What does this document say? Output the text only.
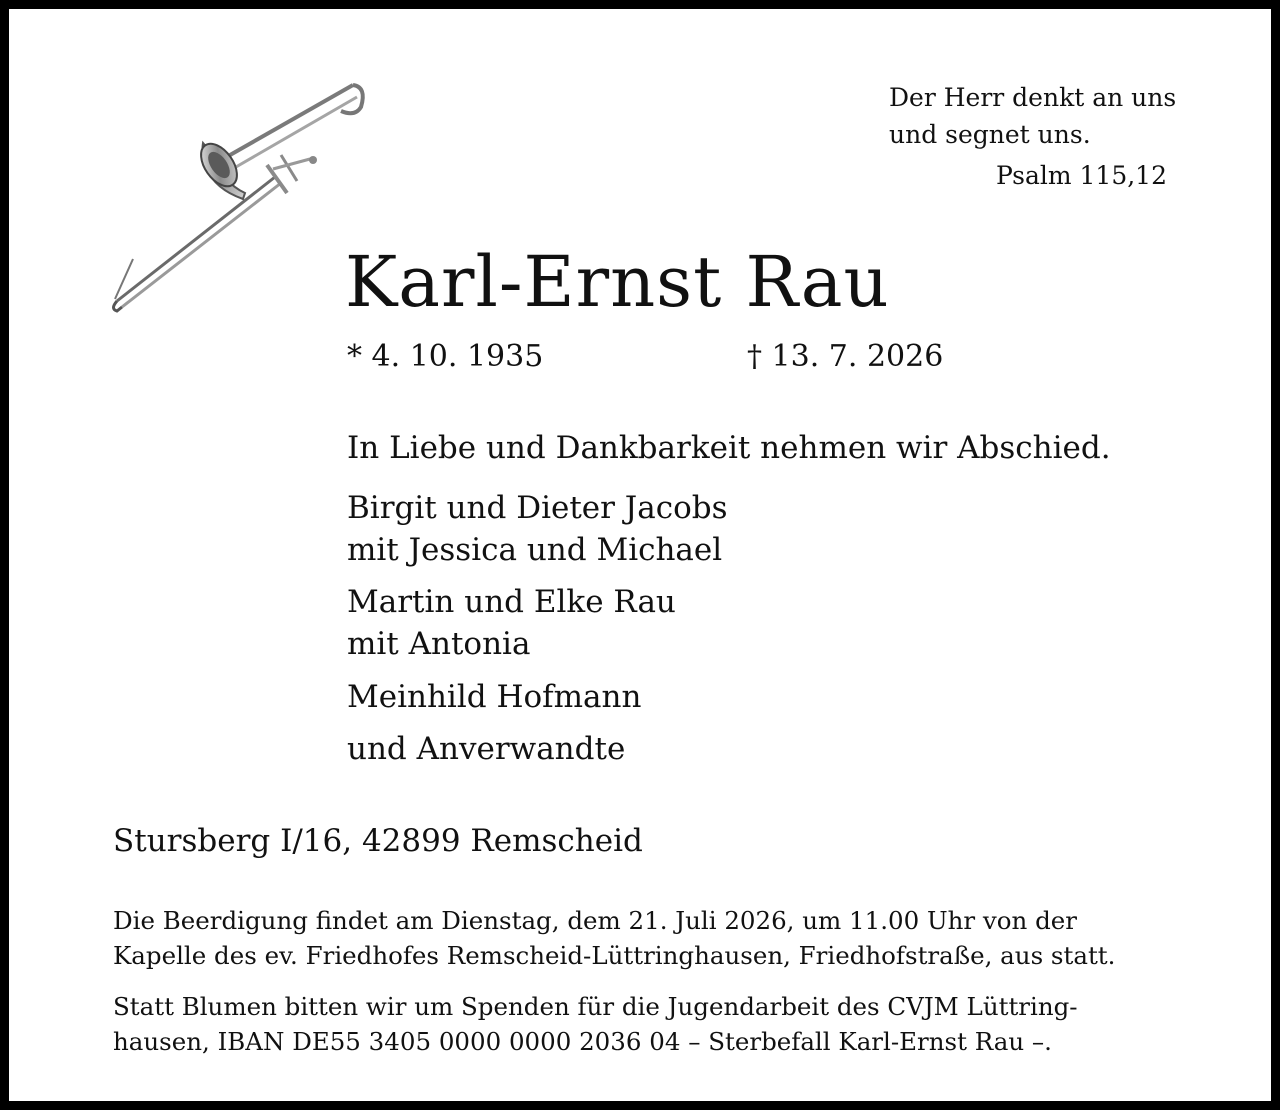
Der Herr denkt an uns
und segnet uns.
Psalm 115,12
Karl-Ernst Rau
* 4. 10. 1935	† 13. 7. 2026
In Liebe und Dankbarkeit nehmen wir Abschied.
Birgit und Dieter Jacobs
mit Jessica und Michael
Martin und Elke Rau
mit Antonia
Meinhild Hofmann
und Anverwandte
Stursberg I/16, 42899 Remscheid
Die Beerdigung findet am Dienstag, dem 21. Juli 2026, um 11.00 Uhr von der
Kapelle des ev. Friedhofes Remscheid-Lüttringhausen, Friedhofstraße, aus statt.
Statt Blumen bitten wir um Spenden für die Jugendarbeit des CVJM Lüttring-
hausen, IBAN DE55 3405 0000 0000 2036 04 – Sterbefall Karl-Ernst Rau –.
